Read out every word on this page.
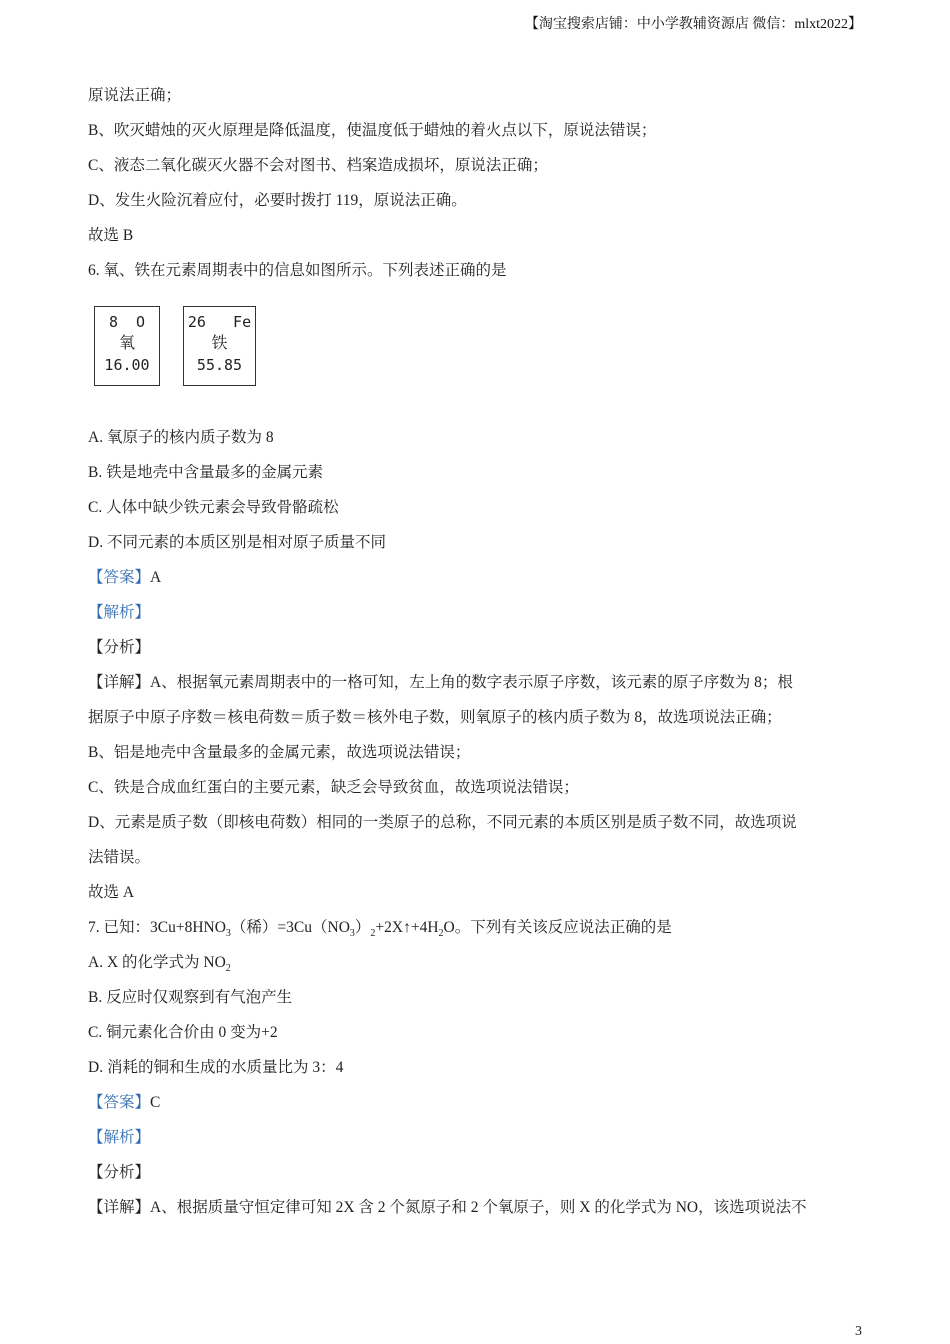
【淘宝搜索店铺：中小学教辅资源店 微信：mlxt2022】
原说法正确；
B、吹灭蜡烛的灭火原理是降低温度，使温度低于蜡烛的着火点以下，原说法错误；
C、液态二氧化碳灭火器不会对图书、档案造成损坏，原说法正确；
D、发生火险沉着应付，必要时拨打 119，原说法正确。
故选 B
6. 氧、铁在元素周期表中的信息如图所示。下列表述正确的是
8 O
氧
16.00
26 Fe
铁
55.85
A. 氧原子的核内质子数为 8
B. 铁是地壳中含量最多的金属元素
C. 人体中缺少铁元素会导致骨骼疏松
D. 不同元素的本质区别是相对原子质量不同
【答案】A
【解析】
【分析】
【详解】A、根据氧元素周期表中的一格可知，左上角的数字表示原子序数，该元素的原子序数为 8；根
据原子中原子序数＝核电荷数＝质子数＝核外电子数，则氧原子的核内质子数为 8，故选项说法正确；
B、铝是地壳中含量最多的金属元素，故选项说法错误；
C、铁是合成血红蛋白的主要元素，缺乏会导致贫血，故选项说法错误；
D、元素是质子数（即核电荷数）相同的一类原子的总称，不同元素的本质区别是质子数不同，故选项说
法错误。
故选 A
7. 已知：$3Cu+8HNO_3$（稀）$=3Cu(NO_3)_2+2X↑+4H_2O$。下列有关该反应说法正确的是
A. X 的化学式为 $NO_2$
B. 反应时仅观察到有气泡产生
C. 铜元素化合价由 0 变为+2
D. 消耗的铜和生成的水质量比为 3：4
【答案】C
【解析】
【分析】
【详解】A、根据质量守恒定律可知 2X 含 2 个氮原子和 2 个氧原子，则 X 的化学式为 NO，该选项说法不
3
